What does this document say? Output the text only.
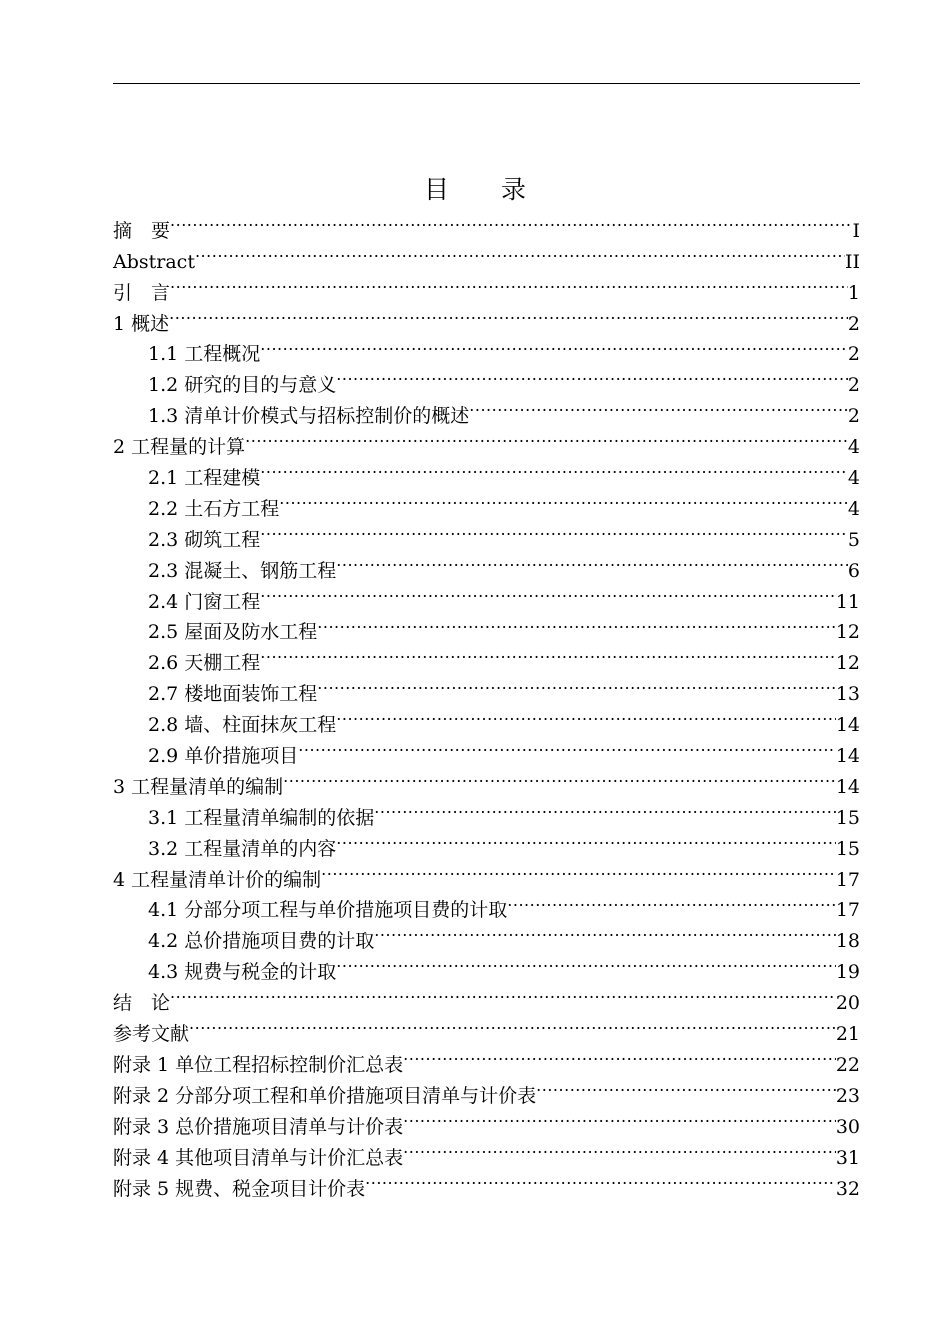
目 录
摘　要 .....	I
Abstract .....	II
引　言 .....	1
1 概述 .....	2
1.1 工程概况 .....	2
1.2 研究的目的与意义 .....	2
1.3 清单计价模式与招标控制价的概述 .....	2
2 工程量的计算 .....	4
2.1 工程建模 .....	4
2.2 土石方工程 .....	4
2.3 砌筑工程 .....	5
2.3 混凝土、钢筋工程 .....	6
2.4 门窗工程 .....	11
2.5 屋面及防水工程 .....	12
2.6 天棚工程 .....	12
2.7 楼地面装饰工程 .....	13
2.8 墙、柱面抹灰工程 .....	14
2.9 单价措施项目 .....	14
3 工程量清单的编制 .....	14
3.1 工程量清单编制的依据 .....	15
3.2 工程量清单的内容 .....	15
4 工程量清单计价的编制 .....	17
4.1 分部分项工程与单价措施项目费的计取 .....	17
4.2 总价措施项目费的计取 .....	18
4.3 规费与税金的计取 .....	19
结　论 .....	20
参考文献 .....	21
附录 1 单位工程招标控制价汇总表 .....	22
附录 2 分部分项工程和单价措施项目清单与计价表 .....	23
附录 3 总价措施项目清单与计价表 .....	30
附录 4 其他项目清单与计价汇总表 .....	31
附录 5 规费、税金项目计价表 .....	32
